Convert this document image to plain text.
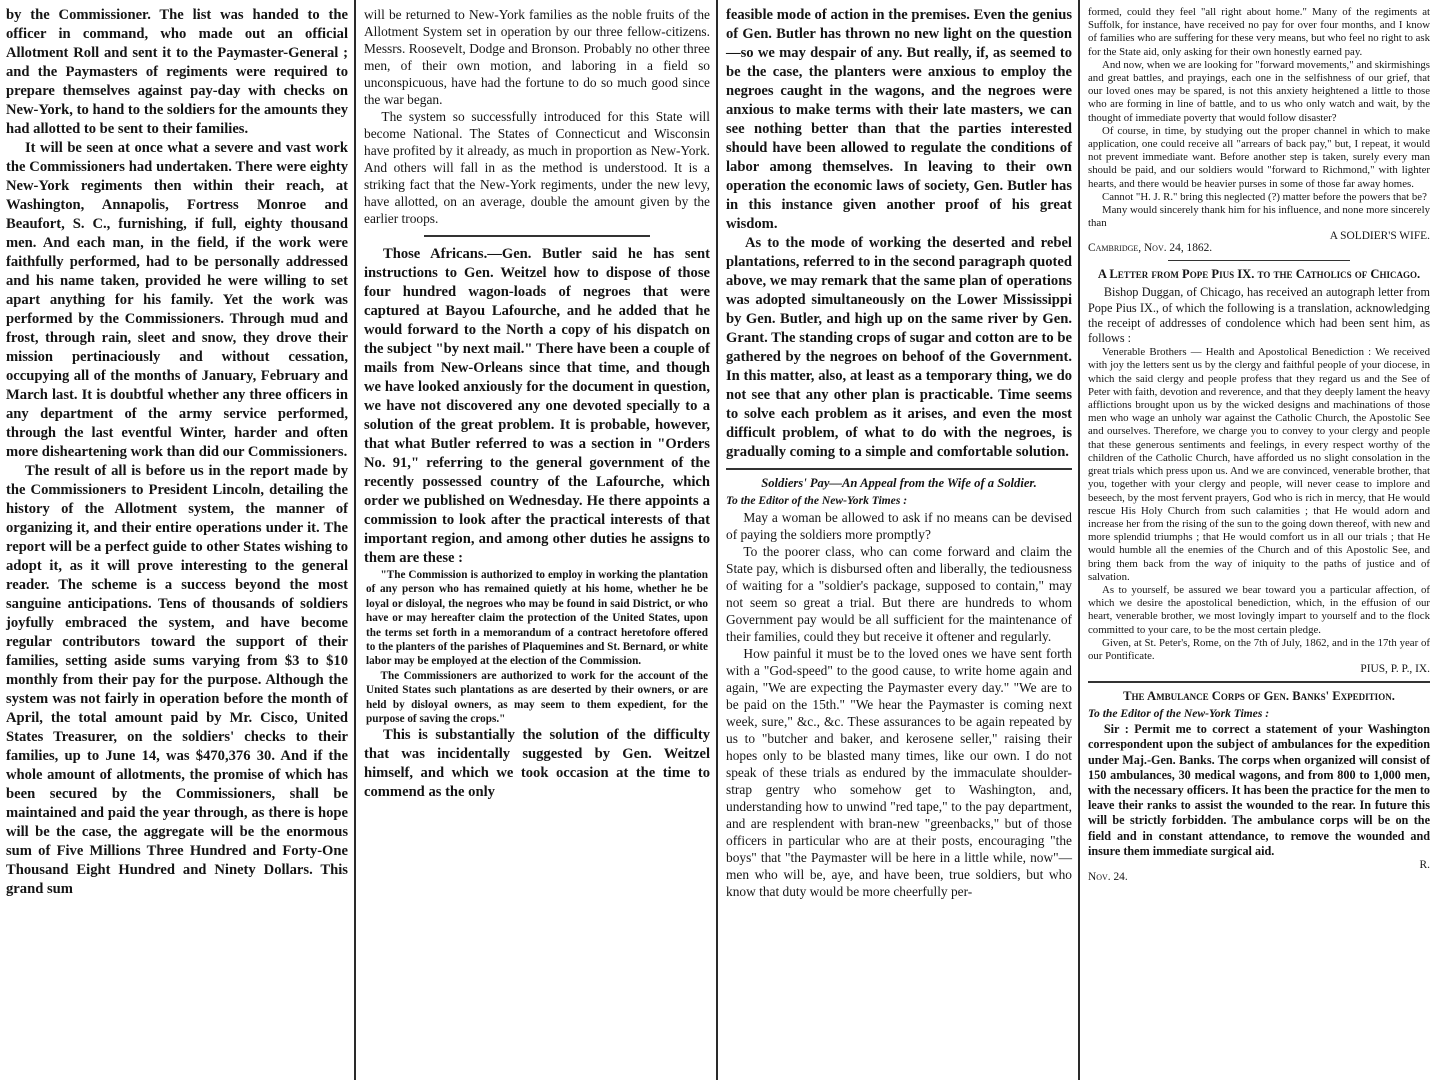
by the Commissioner. The list was handed to the officer in command, who made out an official Allotment Roll and sent it to the Paymaster-General ; and the Paymasters of regiments were required to prepare themselves against pay-day with checks on New-York, to hand to the soldiers for the amounts they had allotted to be sent to their families.

It will be seen at once what a severe and vast work the Commissioners had undertaken. There were eighty New-York regiments then within their reach, at Washington, Annapolis, Fortress Monroe and Beaufort, S. C., furnishing, if full, eighty thousand men. And each man, in the field, if the work were faithfully performed, had to be personally addressed and his name taken, provided he were willing to set apart anything for his family. Yet the work was performed by the Commissioners. Through mud and frost, through rain, sleet and snow, they drove their mission pertinaciously and without cessation, occupying all of the months of January, February and March last. It is doubtful whether any three officers in any department of the army service performed, through the last eventful Winter, harder and often more disheartening work than did our Commissioners.

The result of all is before us in the report made by the Commissioners to President Lincoln, detailing the history of the Allotment system, the manner of organizing it, and their entire operations under it. The report will be a perfect guide to other States wishing to adopt it, as it will prove interesting to the general reader. The scheme is a success beyond the most sanguine anticipations. Tens of thousands of soldiers joyfully embraced the system, and have become regular contributors toward the support of their families, setting aside sums varying from $3 to $10 monthly from their pay for the purpose. Although the system was not fairly in operation before the month of April, the total amount paid by Mr. Cisco, United States Treasurer, on the soldiers' checks to their families, up to June 14, was $470,376 30. And if the whole amount of allotments, the promise of which has been secured by the Commissioners, shall be maintained and paid the year through, as there is hope will be the case, the aggregate will be the enormous sum of Five Millions Three Hundred and Forty-One Thousand Eight Hundred and Ninety Dollars. This grand sum

will be returned to New-York families as the noble fruits of the Allotment System set in operation by our three fellow-citizens. Messrs. Roosevelt, Dodge and Bronson. Probably no other three men, of their own motion, and laboring in a field so unconspicuous, have had the fortune to do so much good since the war began.

The system so successfully introduced for this State will become National. The States of Connecticut and Wisconsin have profited by it already, as much in proportion as New-York. And others will fall in as the method is understood. It is a striking fact that the New-York regiments, under the new levy, have allotted, on an average, double the amount given by the earlier troops.

Those Africans.—Gen. Butler said he has sent instructions to Gen. Weitzel how to dispose of those four hundred wagon-loads of negroes that were captured at Bayou Lafourche, and he added that he would forward to the North a copy of his dispatch on the subject "by next mail." There have been a couple of mails from New-Orleans since that time, and though we have looked anxiously for the document in question, we have not discovered any one devoted specially to a solution of the great problem. It is probable, however, that what Butler referred to was a section in "Orders No. 91," referring to the general government of the recently possessed country of the Lafourche, which order we published on Wednesday. He there appoints a commission to look after the practical interests of that important region, and among other duties he assigns to them are these :

"The Commission is authorized to employ in working the plantation of any person who has remained quietly at his home, whether he be loyal or disloyal, the negroes who may be found in said District, or who have or may hereafter claim the protection of the United States, upon the terms set forth in a memorandum of a contract heretofore offered to the planters of the parishes of Plaquemines and St. Bernard, or white labor may be employed at the election of the Commission.

The Commissioners are authorized to work for the account of the United States such plantations as are deserted by their owners, or are held by disloyal owners, as may seem to them expedient, for the purpose of saving the crops."

This is substantially the solution of the difficulty that was incidentally suggested by Gen. Weitzel himself, and which we took occasion at the time to commend as the only

feasible mode of action in the premises. Even the genius of Gen. Butler has thrown no new light on the question—so we may despair of any. But really, if, as seemed to be the case, the planters were anxious to employ the negroes caught in the wagons, and the negroes were anxious to make terms with their late masters, we can see nothing better than that the parties interested should have been allowed to regulate the conditions of labor among themselves. In leaving to their own operation the economic laws of society, Gen. Butler has in this instance given another proof of his great wisdom.

As to the mode of working the deserted and rebel plantations, referred to in the second paragraph quoted above, we may remark that the same plan of operations was adopted simultaneously on the Lower Mississippi by Gen. Butler, and high up on the same river by Gen. Grant. The standing crops of sugar and cotton are to be gathered by the negroes on behoof of the Government. In this matter, also, at least as a temporary thing, we do not see that any other plan is practicable. Time seems to solve each problem as it arises, and even the most difficult problem, of what to do with the negroes, is gradually coming to a simple and comfortable solution.

Soldiers' Pay—An Appeal from the Wife of a Soldier.

To the Editor of the New-York Times :

May a woman be allowed to ask if no means can be devised of paying the soldiers more promptly?

To the poorer class, who can come forward and claim the State pay, which is disbursed often and liberally, the tediousness of waiting for a "soldier's package, supposed to contain," may not seem so great a trial. But there are hundreds to whom Government pay would be all sufficient for the maintenance of their families, could they but receive it oftener and regularly.

How painful it must be to the loved ones we have sent forth with a "God-speed" to the good cause, to write home again and again, "We are expecting the Paymaster every day." "We are to be paid on the 15th." "We hear the Paymaster is coming next week, sure," &c., &c. These assurances to be again repeated by us to "butcher and baker, and kerosene seller," raising their hopes only to be blasted many times, like our own. I do not speak of these trials as endured by the immaculate shoulder-strap gentry who somehow get to Washington, and, understanding how to unwind "red tape," to the pay department, and are resplendent with bran-new "greenbacks," but of those officers in particular who are at their posts, encouraging "the boys" that "the Paymaster will be here in a little while, now"—men who will be, aye, and have been, true soldiers, but who know that duty would be more cheerfully per-

formed, could they feel "all right about home." Many of the regiments at Suffolk, for instance, have received no pay for over four months, and I know of families who are suffering for these very means, but who feel no right to ask for the State aid, only asking for their own honestly earned pay.

And now, when we are looking for "forward movements," and skirmishings and great battles, and prayings, each one in the selfishness of our grief, that our loved ones may be spared, is not this anxiety heightened a little to those who are forming in line of battle, and to us who only watch and wait, by the thought of immediate poverty that would follow disaster?

Of course, in time, by studying out the proper channel in which to make application, one could receive all "arrears of back pay," but, I repeat, it would not prevent immediate want. Before another step is taken, surely every man should be paid, and our soldiers would "forward to Richmond," with lighter hearts, and there would be heavier purses in some of those far away homes.

Cannot "H. J. R." bring this neglected (?) matter before the powers that be?

Many would sincerely thank him for his influence, and none more sincerely than

A SOLDIER'S WIFE.

Cambridge, Nov. 24, 1862.

A Letter from Pope Pius IX. to the Catholics of Chicago.

Bishop Duggan, of Chicago, has received an autograph letter from Pope Pius IX., of which the following is a translation, acknowledging the receipt of addresses of condolence which had been sent him, as follows :

Venerable Brothers — Health and Apostolical Benediction : We received with joy the letters sent us by the clergy and faithful people of your diocese, in which the said clergy and people profess that they regard us and the See of Peter with faith, devotion and reverence, and that they deeply lament the heavy afflictions brought upon us by the wicked designs and machinations of those men who wage an unholy war against the Catholic Church, the Apostolic See and ourselves. Therefore, we charge you to convey to your clergy and people that these generous sentiments and feelings, in every respect worthy of the children of the Catholic Church, have afforded us no slight consolation in the great trials which press upon us. And we are convinced, venerable brother, that you, together with your clergy and people, will never cease to implore and beseech, by the most fervent prayers, God who is rich in mercy, that He would rescue His Holy Church from such calamities ; that He would adorn and increase her from the rising of the sun to the going down thereof, with new and more splendid triumphs ; that He would comfort us in all our trials ; that He would humble all the enemies of the Church and of this Apostolic See, and bring them back from the way of iniquity to the paths of justice and of salvation.

As to yourself, be assured we bear toward you a particular affection, of which we desire the apostolical benediction, which, in the effusion of our heart, venerable brother, we most lovingly impart to yourself and to the flock committed to your care, to be the most certain pledge.

Given, at St. Peter's, Rome, on the 7th of July, 1862, and in the 17th year of our Pontificate.

PIUS, P. P., IX.

The Ambulance Corps of Gen. Banks' Expedition.

To the Editor of the New-York Times :

Sir : Permit me to correct a statement of your Washington correspondent upon the subject of ambulances for the expedition under Maj.-Gen. Banks. The corps when organized will consist of 150 ambulances, 30 medical wagons, and from 800 to 1,000 men, with the necessary officers. It has been the practice for the men to leave their ranks to assist the wounded to the rear. In future this will be strictly forbidden. The ambulance corps will be on the field and in constant attendance, to remove the wounded and insure them immediate surgical aid.

R.

Nov. 24.
